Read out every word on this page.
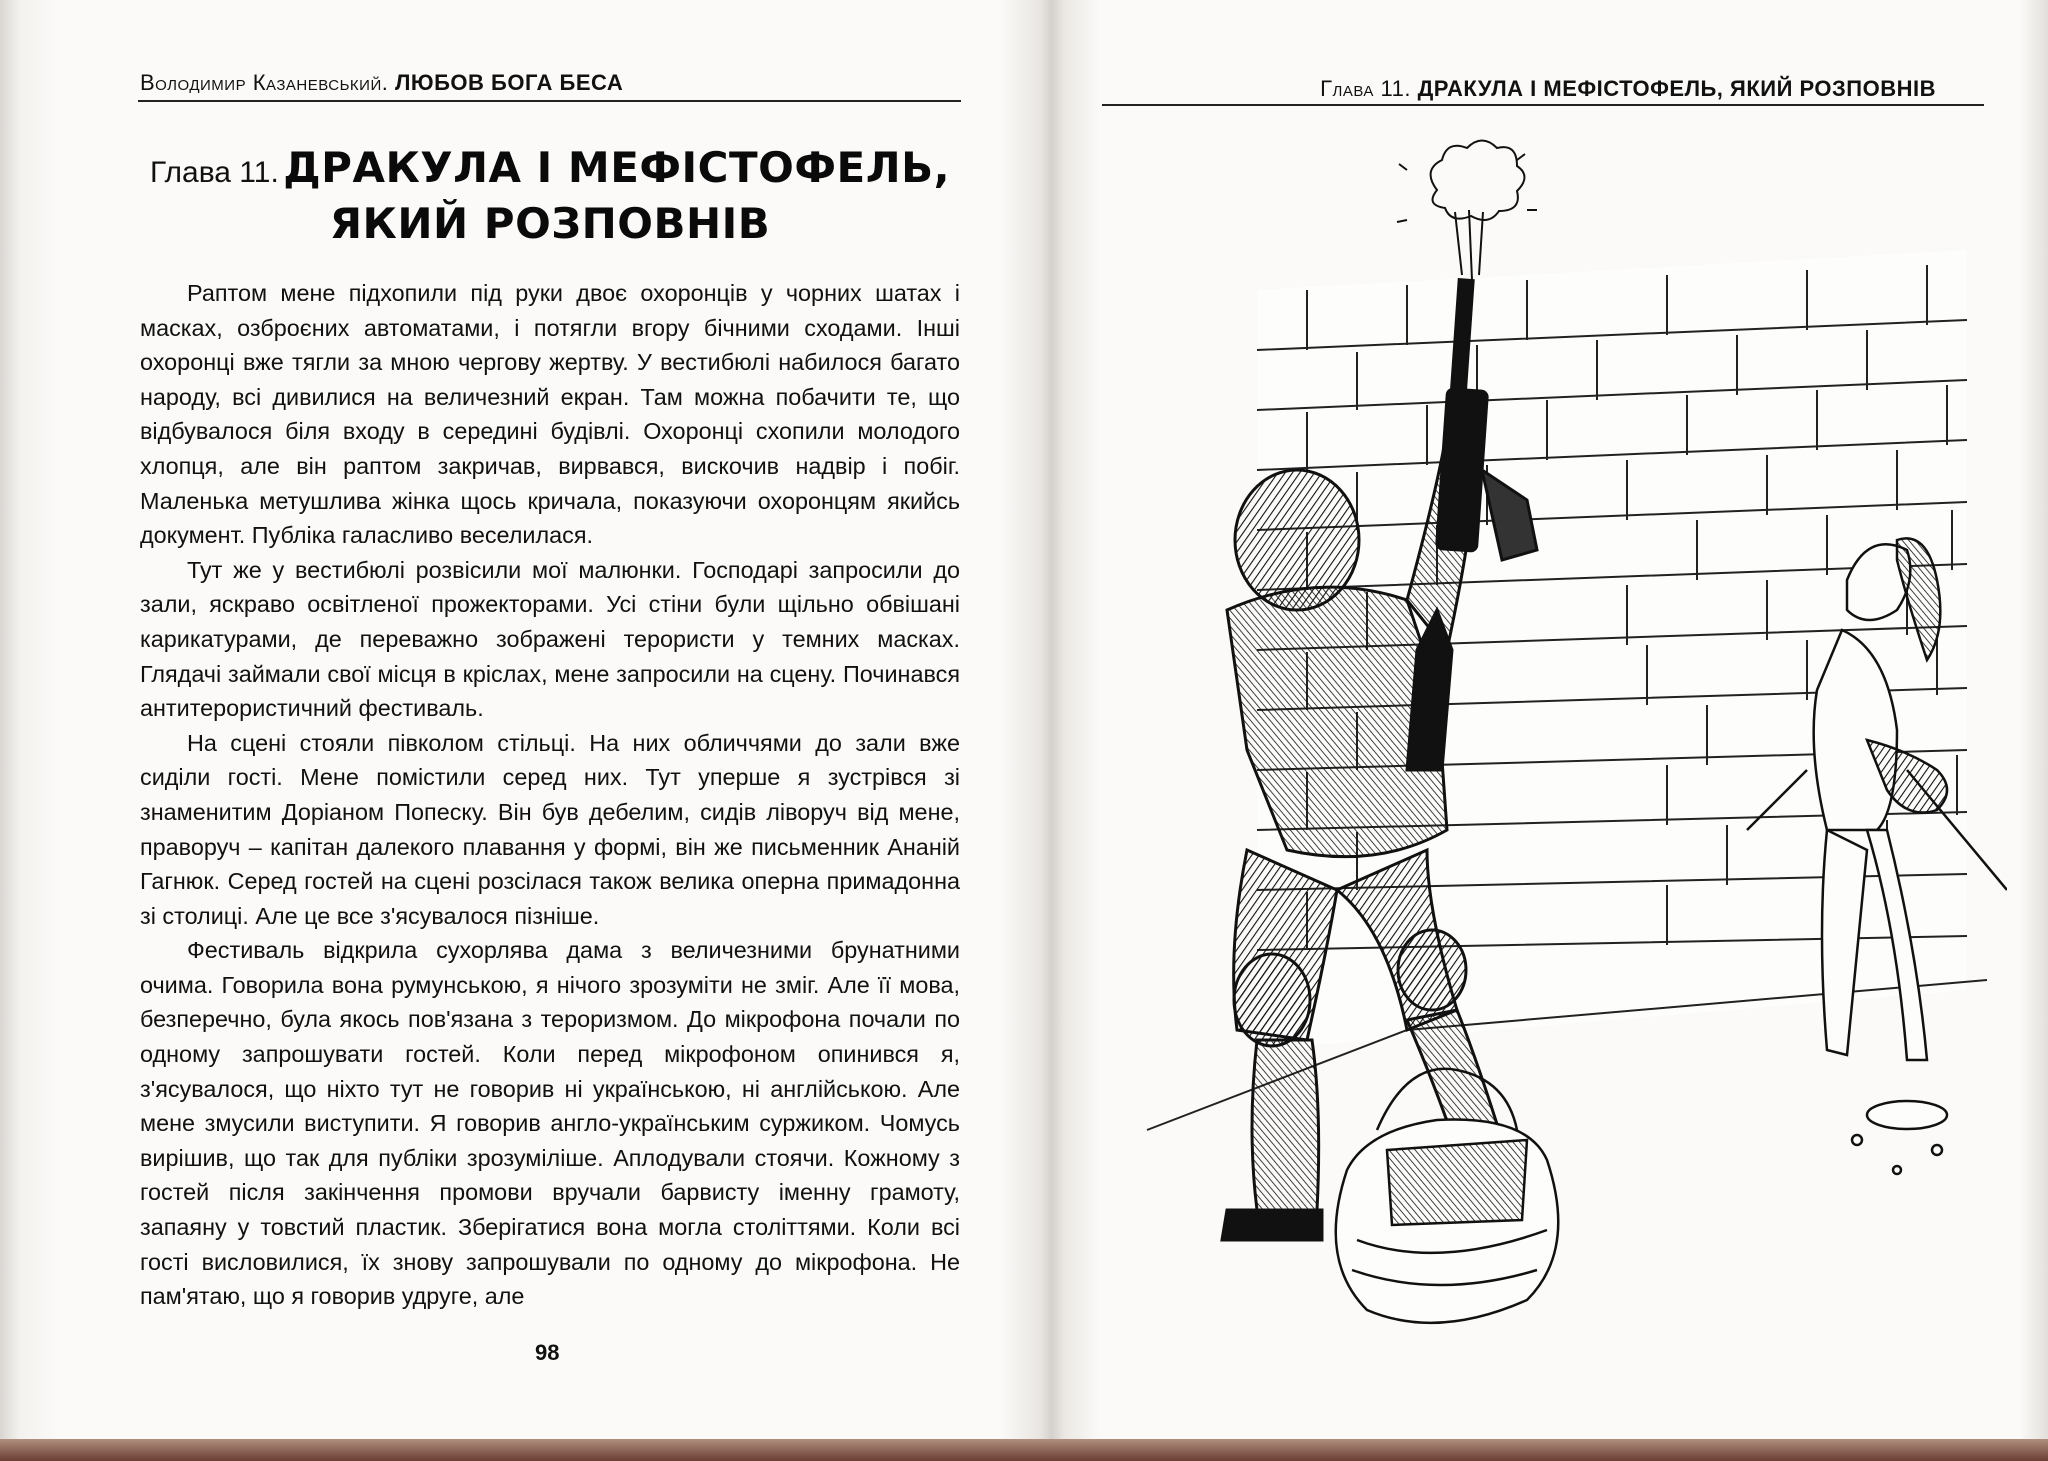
Володимир Казаневський. ЛЮБОВ БОГА БЕСА
Глава 11. ДРАКУЛА І МЕФІСТОФЕЛЬ, ЯКИЙ РОЗПОВНІВ

Раптом мене підхопили під руки двоє охоронців у чорних шатах і масках, озброєних автоматами, і потягли вгору бічними сходами. Інші охоронці вже тягли за мною чергову жертву. У вестибюлі набилося багато народу, всі дивилися на величезний екран. Там можна побачити те, що відбувалося біля входу в середині будівлі. Охоронці схопили молодого хлопця, але він раптом закричав, вирвався, вискочив надвір і побіг. Маленька метушлива жінка щось кричала, показуючи охоронцям якийсь документ. Публіка галасливо веселилася.

Тут же у вестибюлі розвісили мої малюнки. Господарі запросили до зали, яскраво освітленої прожекторами. Усі стіни були щільно обвішані карикатурами, де переважно зображені терористи у темних масках. Глядачі займали свої місця в кріслах, мене запросили на сцену. Починався антитерористичний фестиваль.

На сцені стояли півколом стільці. На них обличчями до зали вже сиділи гості. Мене помістили серед них. Тут уперше я зустрівся зі знаменитим Доріаном Попеску. Він був дебелим, сидів ліворуч від мене, праворуч – капітан далекого плавання у формі, він же письменник Ананій Гагнюк. Серед гостей на сцені розсілася також велика оперна примадонна зі столиці. Але це все з'ясувалося пізніше.

Фестиваль відкрила сухорлява дама з величезними брунатними очима. Говорила вона румунською, я нічого зрозуміти не зміг. Але її мова, безперечно, була якось пов'язана з тероризмом. До мікрофона почали по одному запрошувати гостей. Коли перед мікрофоном опинився я, з'ясувалося, що ніхто тут не говорив ні українською, ні англійською. Але мене змусили виступити. Я говорив англо-українським суржиком. Чомусь вирішив, що так для публіки зрозуміліше. Аплодували стоячи. Кожному з гостей після закінчення промови вручали барвисту іменну грамоту, запаяну у товстий пластик. Зберігатися вона могла століттями. Коли всі гості висловилися, їх знову запрошували по одному до мікрофона. Не пам'ятаю, що я говорив удруге, але

98
Глава 11. ДРАКУЛА І МЕФІСТОФЕЛЬ, ЯКИЙ РОЗПОВНІВ
